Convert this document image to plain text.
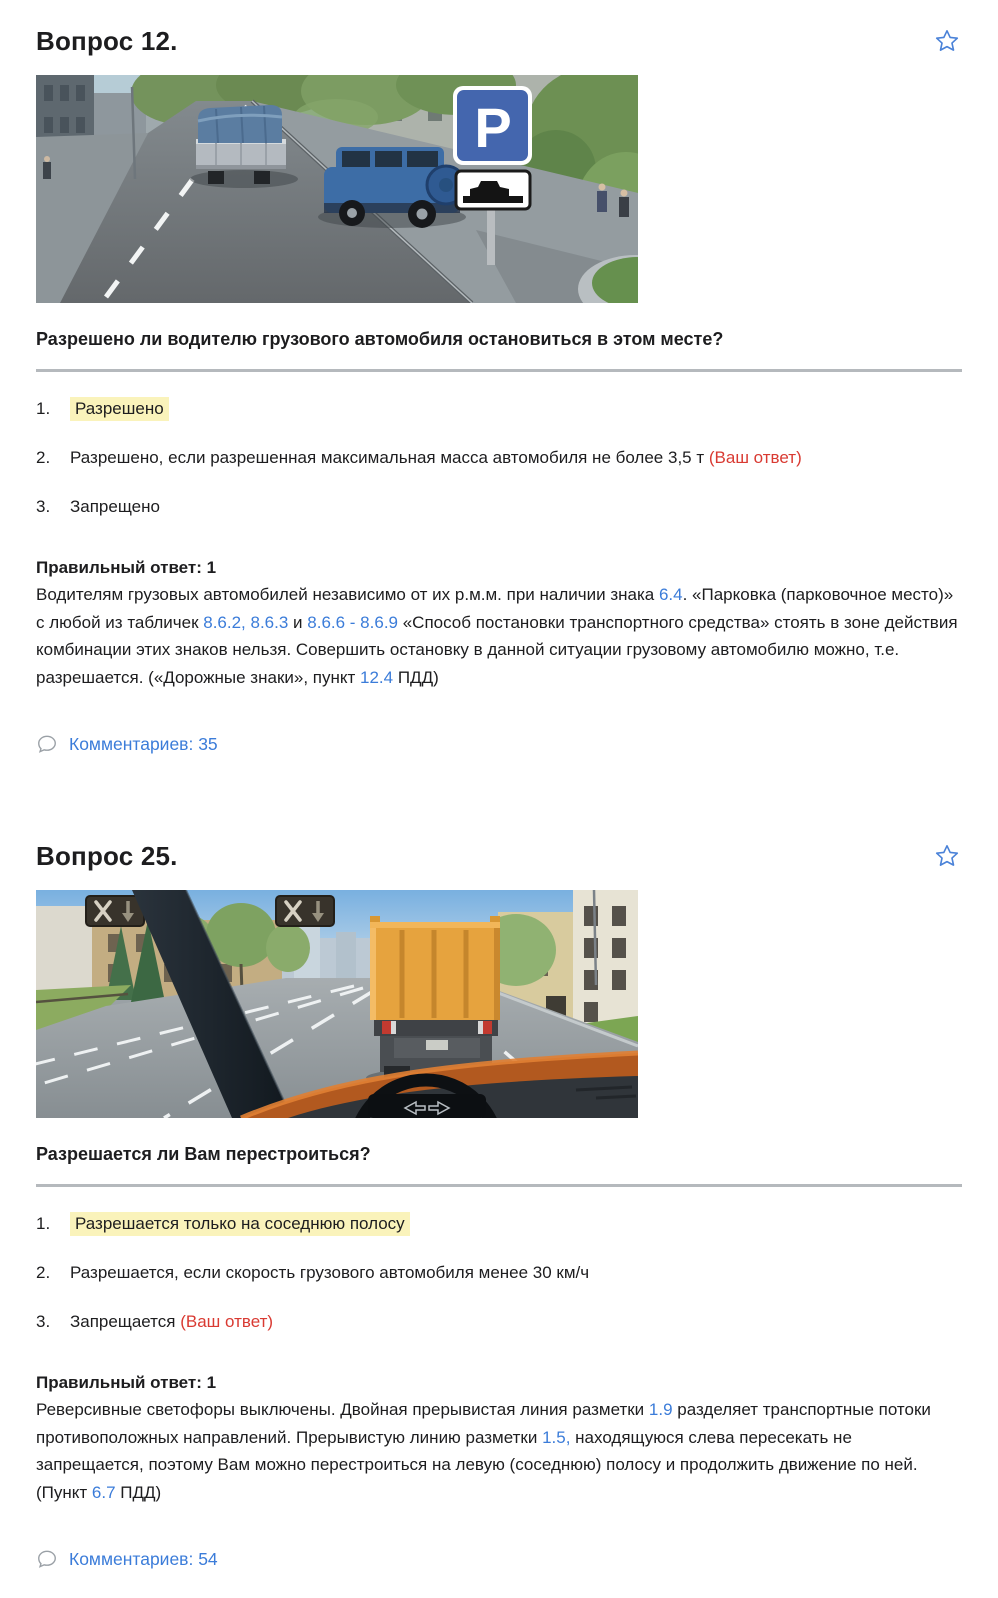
Вопрос 12.
P

Разрешено ли водителю грузового автомобиля остановиться в этом месте?

1. Разрешено
2. Разрешено, если разрешенная максимальная масса автомобиля не более 3,5 т (Ваш ответ)
3. Запрещено

Правильный ответ: 1

Водителям грузовых автомобилей независимо от их р.м.м. при наличии знака 6.4. «Парковка (парковочное место)» с любой из табличек 8.6.2, 8.6.3 и 8.6.6 - 8.6.9 «Способ постановки транспортного средства» стоять в зоне действия комбинации этих знаков нельзя. Совершить остановку в данной ситуации грузовому автомобилю можно, т.е. разрешается. («Дорожные знаки», пункт 12.4 ПДД)

Комментариев: 35
Вопрос 25.

Разрешается ли Вам перестроиться?

1. Разрешается только на соседнюю полосу
2. Разрешается, если скорость грузового автомобиля менее 30 км/ч
3. Запрещается (Ваш ответ)

Правильный ответ: 1

Реверсивные светофоры выключены. Двойная прерывистая линия разметки 1.9 разделяет транспортные потоки противоположных направлений. Прерывистую линию разметки 1.5, находящуюся слева пересекать не запрещается, поэтому Вам можно перестроиться на левую (соседнюю) полосу и продолжить движение по ней. (Пункт 6.7 ПДД)

Комментариев: 54
